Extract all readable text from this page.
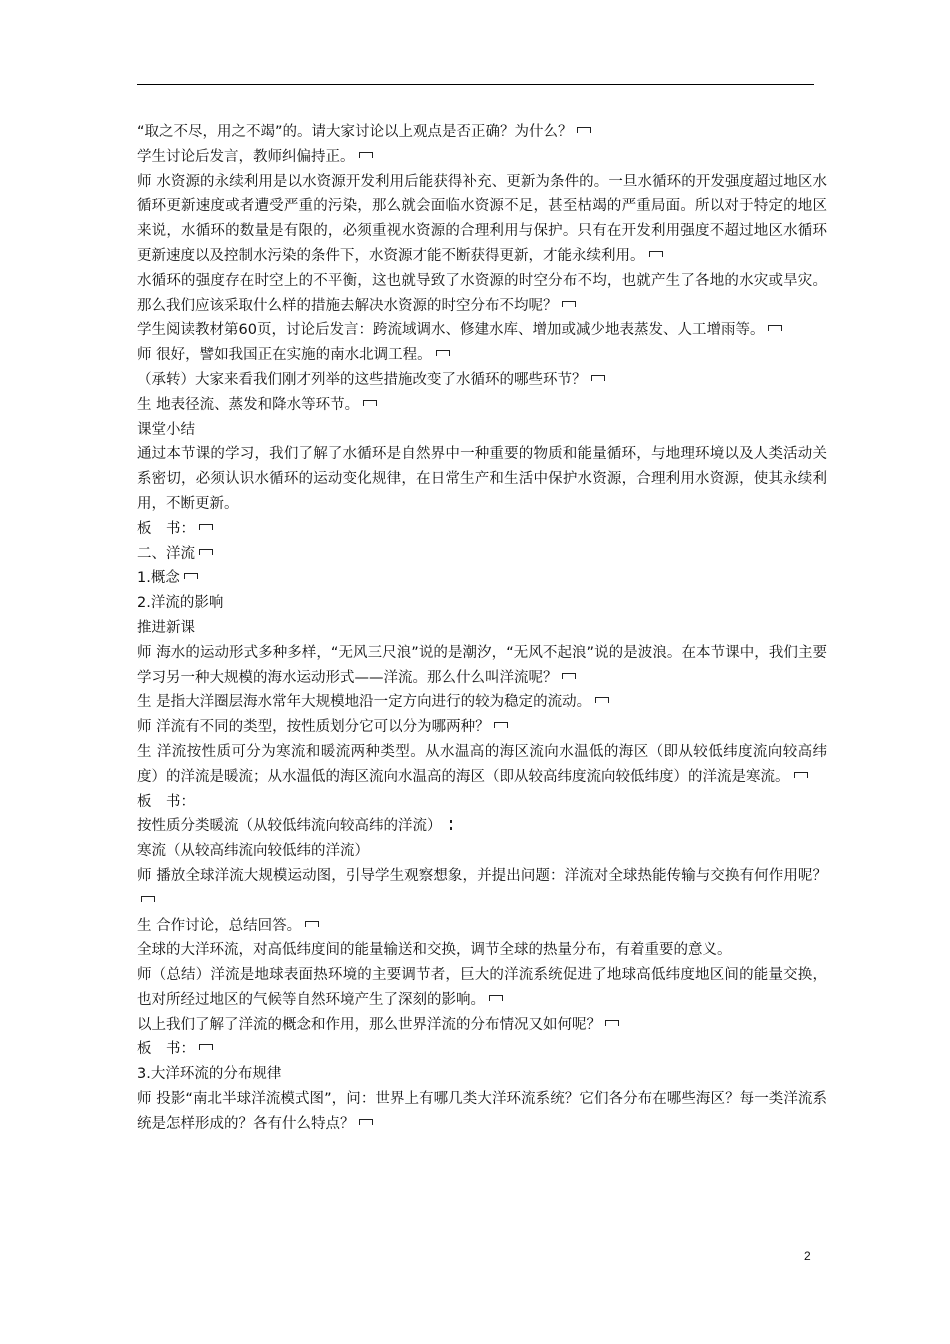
“取之不尽，用之不竭”的。请大家讨论以上观点是否正确？为什么？

学生讨论后发言，教师纠偏持正。

师 水资源的永续利用是以水资源开发利用后能获得补充、更新为条件的。一旦水循环的开发强度超过地区水循环更新速度或者遭受严重的污染，那么就会面临水资源不足，甚至枯竭的严重局面。所以对于特定的地区来说，水循环的数量是有限的，必须重视水资源的合理利用与保护。只有在开发利用强度不超过地区水循环更新速度以及控制水污染的条件下，水资源才能不断获得更新，才能永续利用。

水循环的强度存在时空上的不平衡，这也就导致了水资源的时空分布不均，也就产生了各地的水灾或旱灾。那么我们应该采取什么样的措施去解决水资源的时空分布不均呢？

学生阅读教材第60页，讨论后发言：跨流域调水、修建水库、增加或减少地表蒸发、人工增雨等。

师 很好，譬如我国正在实施的南水北调工程。

（承转）大家来看我们刚才列举的这些措施改变了水循环的哪些环节？

生 地表径流、蒸发和降水等环节。

课堂小结

通过本节课的学习，我们了解了水循环是自然界中一种重要的物质和能量循环，与地理环境以及人类活动关系密切，必须认识水循环的运动变化规律，在日常生产和生活中保护水资源，合理利用水资源，使其永续利用，不断更新。

板　书：

二、洋流

1.概念

2.洋流的影响

推进新课

师 海水的运动形式多种多样，“无风三尺浪”说的是潮汐，“无风不起浪”说的是波浪。在本节课中，我们主要学习另一种大规模的海水运动形式——洋流。那么什么叫洋流呢？

生 是指大洋圈层海水常年大规模地沿一定方向进行的较为稳定的流动。

师 洋流有不同的类型，按性质划分它可以分为哪两种？

生 洋流按性质可分为寒流和暖流两种类型。从水温高的海区流向水温低的海区（即从较低纬度流向较高纬度）的洋流是暖流；从水温低的海区流向水温高的海区（即从较高纬度流向较低纬度）的洋流是寒流。

板　书：

按性质分类暖流（从较低纬流向较高纬的洋流）

寒流（从较高纬流向较低纬的洋流）

师 播放全球洋流大规模运动图，引导学生观察想象，并提出问题：洋流对全球热能传输与交换有何作用呢？

生 合作讨论，总结回答。

全球的大洋环流，对高低纬度间的能量输送和交换，调节全球的热量分布，有着重要的意义。

师（总结）洋流是地球表面热环境的主要调节者，巨大的洋流系统促进了地球高低纬度地区间的能量交换，也对所经过地区的气候等自然环境产生了深刻的影响。

以上我们了解了洋流的概念和作用，那么世界洋流的分布情况又如何呢？

板　书：

3.大洋环流的分布规律

师 投影“南北半球洋流模式图”，问：世界上有哪几类大洋环流系统？它们各分布在哪些海区？每一类洋流系统是怎样形成的？各有什么特点？

2
